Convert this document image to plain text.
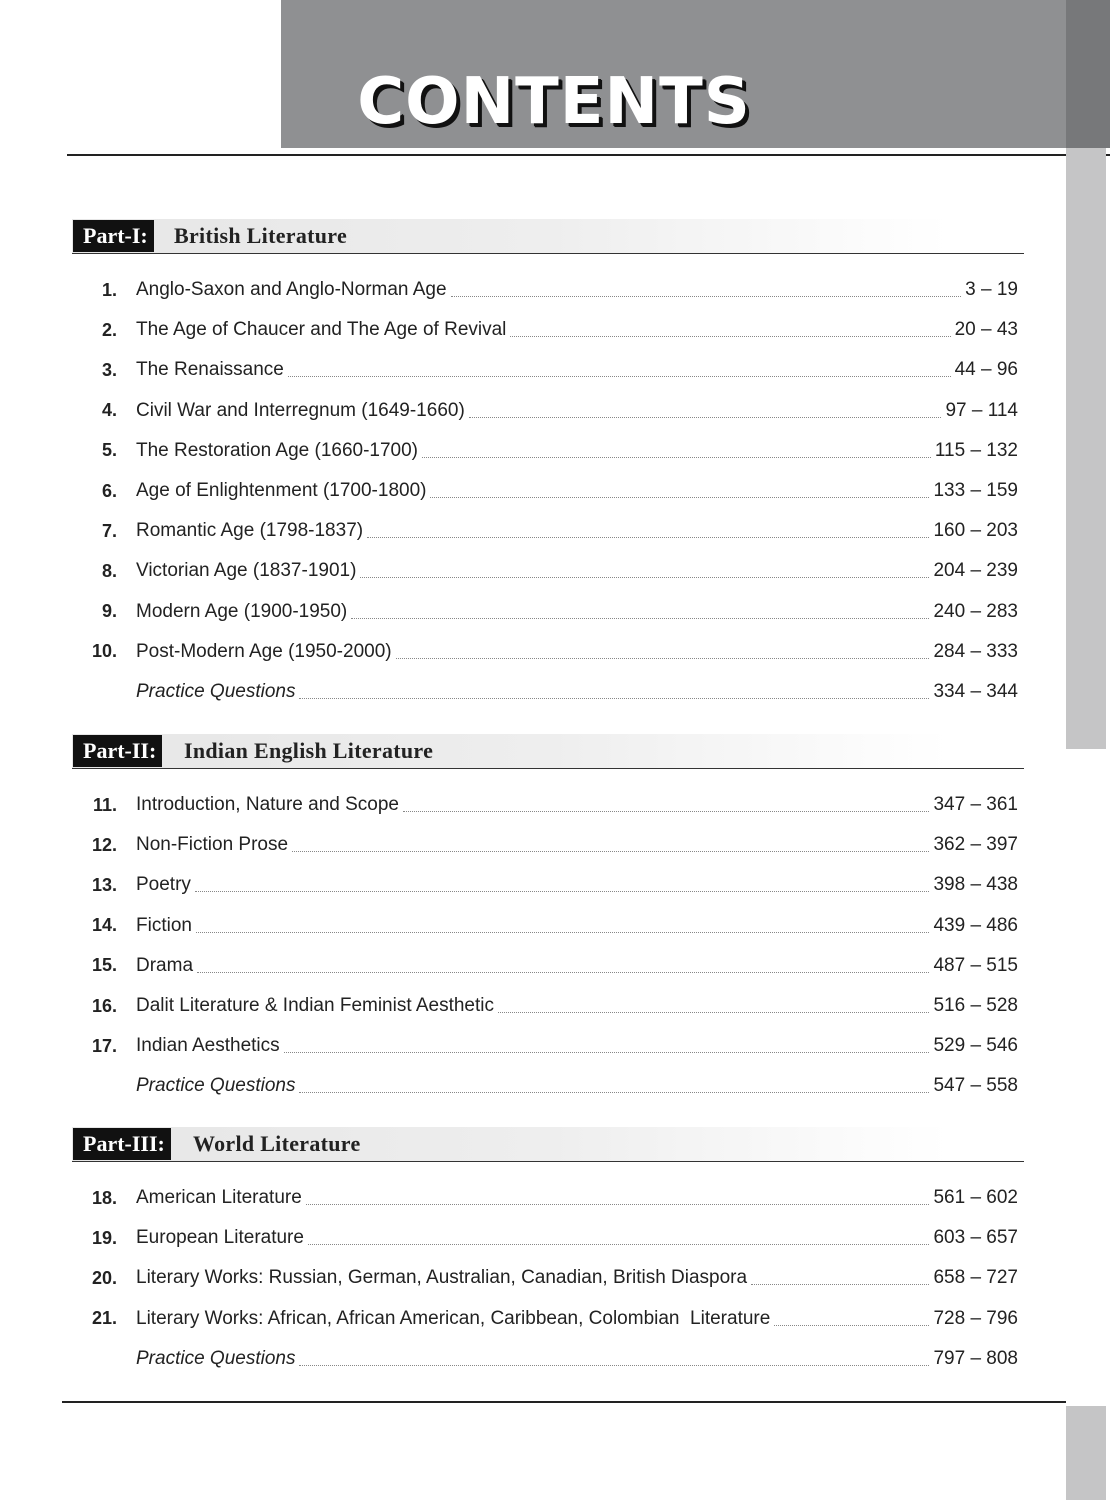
CONTENTS
Part-I: British Literature
1. Anglo-Saxon and Anglo-Norman Age	3 – 19
2. The Age of Chaucer and The Age of Revival	20 – 43
3. The Renaissance	44 – 96
4. Civil War and Interregnum (1649-1660)	97 – 114
5. The Restoration Age (1660-1700)	115 – 132
6. Age of Enlightenment (1700-1800)	133 – 159
7. Romantic Age (1798-1837)	160 – 203
8. Victorian Age (1837-1901)	204 – 239
9. Modern Age (1900-1950)	240 – 283
10. Post-Modern Age (1950-2000)	284 – 333
Practice Questions	334 – 344
Part-II: Indian English Literature
11. Introduction, Nature and Scope	347 – 361
12. Non-Fiction Prose	362 – 397
13. Poetry	398 – 438
14. Fiction	439 – 486
15. Drama	487 – 515
16. Dalit Literature & Indian Feminist Aesthetic	516 – 528
17. Indian Aesthetics	529 – 546
Practice Questions	547 – 558
Part-III: World Literature
18. American Literature	561 – 602
19. European Literature	603 – 657
20. Literary Works: Russian, German, Australian, Canadian, British Diaspora	658 – 727
21. Literary Works: African, African American, Caribbean, Colombian  Literature	728 – 796
Practice Questions	797 – 808
